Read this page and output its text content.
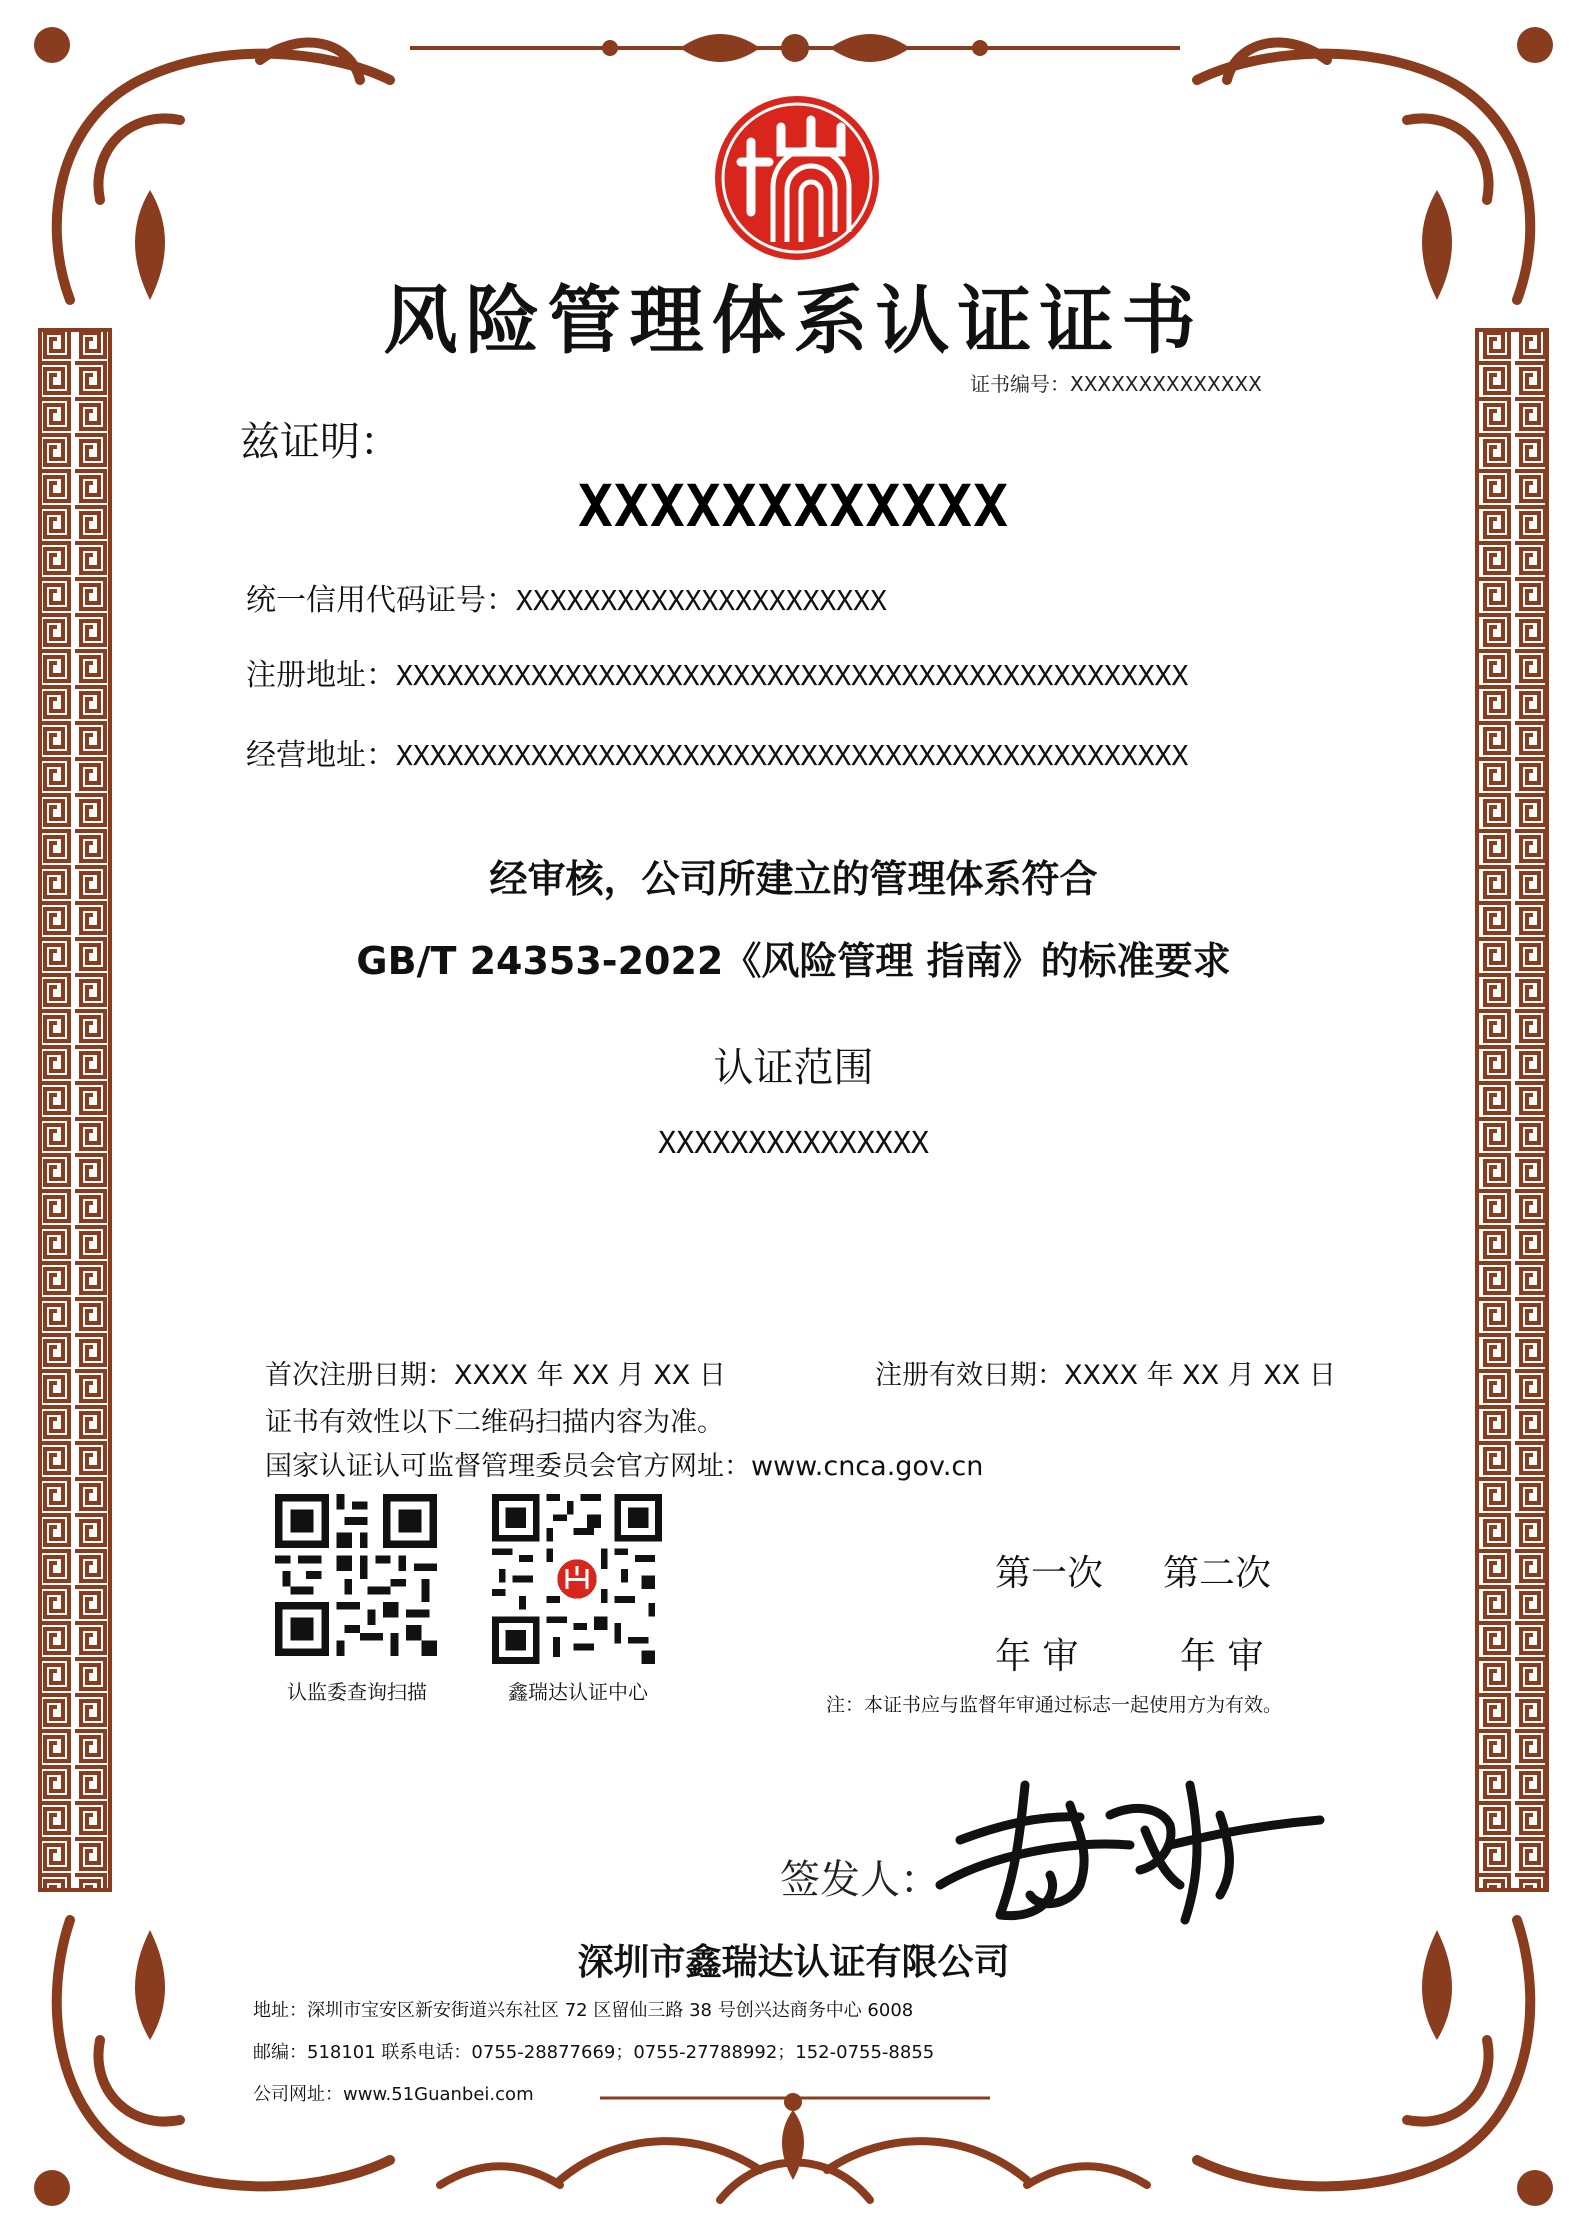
风险管理体系认证证书
证书编号：XXXXXXXXXXXXXX
兹证明：
XXXXXXXXXXXX
统一信用代码证号：XXXXXXXXXXXXXXXXXXXXXX
注册地址：XXXXXXXXXXXXXXXXXXXXXXXXXXXXXXXXXXXXXXXXXXXXXXX
经营地址：XXXXXXXXXXXXXXXXXXXXXXXXXXXXXXXXXXXXXXXXXXXXXXX
经审核，公司所建立的管理体系符合
GB/T 24353-2022《风险管理 指南》的标准要求
认证范围
XXXXXXXXXXXXXXX
首次注册日期：XXXX 年 XX 月 XX 日	注册有效日期：XXXX 年 XX 月 XX 日
证书有效性以下二维码扫描内容为准。
国家认证认可监督管理委员会官方网址：www.cnca.gov.cn
认监委查询扫描	鑫瑞达认证中心
第一次 第二次
年 审	年 审
注：本证书应与监督年审通过标志一起使用方为有效。
签发人：
深圳市鑫瑞达认证有限公司
地址：深圳市宝安区新安街道兴东社区 72 区留仙三路 38 号创兴达商务中心 6008
邮编：518101 联系电话：0755-28877669；0755-27788992；152-0755-8855
公司网址：www.51Guanbei.com
